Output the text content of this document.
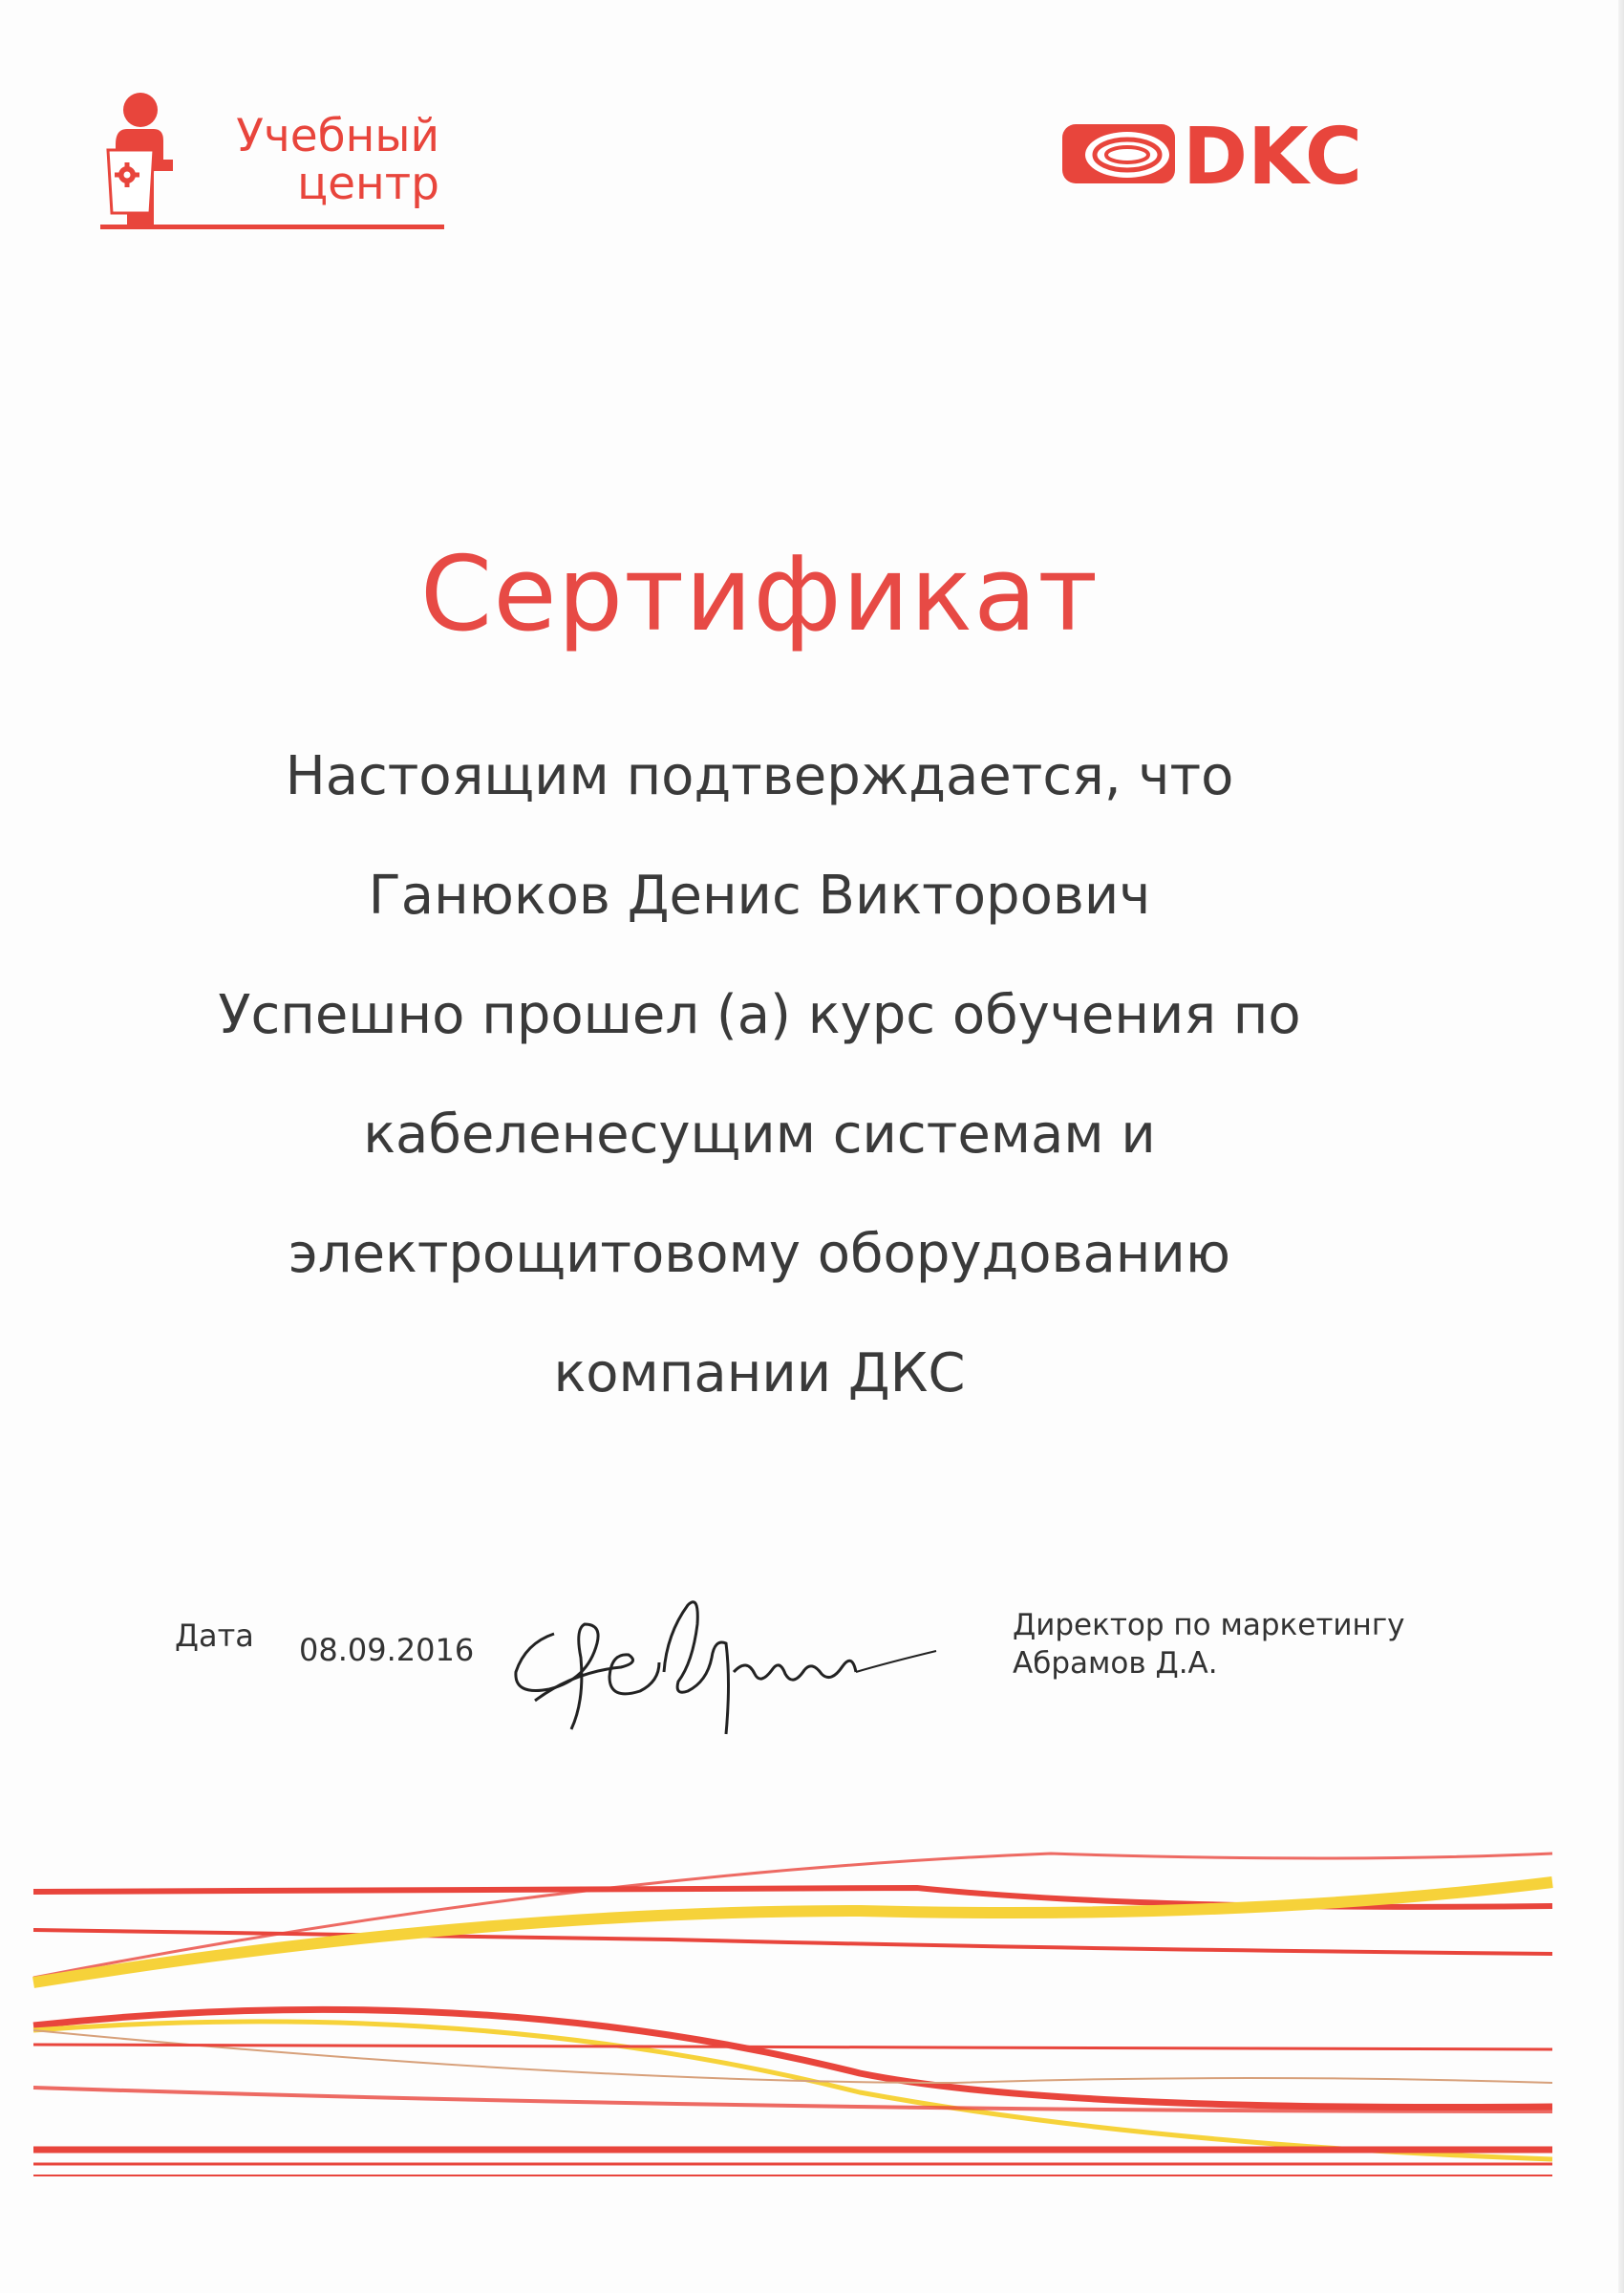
Учебный
центр	DKC
Сертификат
Настоящим подтверждается, что
Ганюков Денис Викторович
Успешно прошел (а) курс обучения по
кабеленесущим системам и
электрощитовому оборудованию
компании ДКС
Дата 08.09.2016
Директор по маркетингу
Абрамов Д.А.
